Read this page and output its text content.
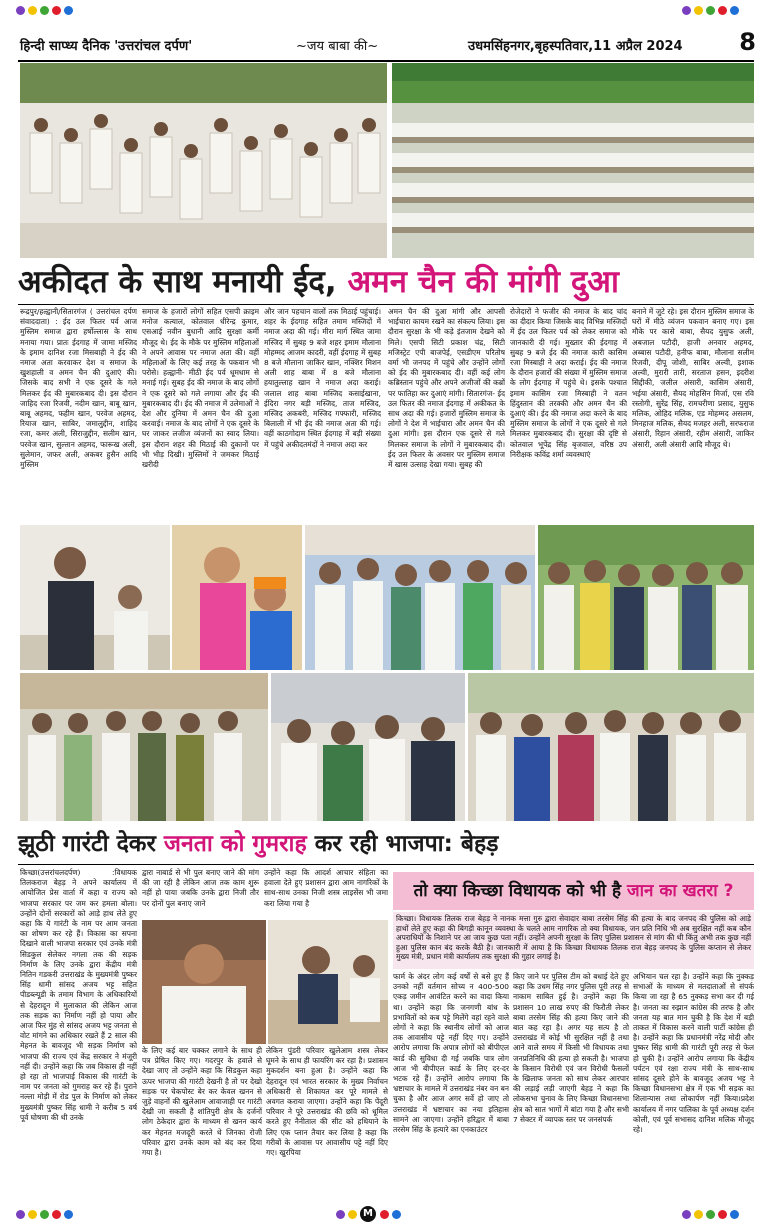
हिन्दी साप्ध्य दैनिक 'उत्तरांचल दर्पण'	~जय बाबा की~	उधमसिंहनगर,बृहस्पतिवार,11 अप्रैल 2024 8
अकीदत के साथ मनायी ईद, अमन चैन की मांगी दुआ
रूद्रपुर/हल्द्वानी/सितारगंज ( उत्तरांचल दर्पण संवाददाता) : ईद उल फितर पर्व आज मुस्लिम समाज द्वारा हर्षोल्लास के साथ मनाया गया। प्रातः ईदगाह में जामा मस्जिद के इमाम दानिश रजा मिसबाही ने ईद की नमाज अता करवाकर देश व समाज के खुशहाली व अमन चैन की दुआएं की। जिसके बाद सभी ने एक दूसरे के गले मिलकर ईद की मुबारकबाद दी। इस दौरान जाहिद रजा रिजवी, नदीम खान, बाबू खान, बाबू अहमद, फहीम खान, परवेज अहमद, रियाज खान, साबिर, जमालुद्दीन, शाहिद रजा, कमर अली, सिराजुद्दीन, सलीम खान, परवेज खान, सुल्तान अहमद, फारूख अली, सुलेमान, जफर अली, अकबर हुसैन आदि मुस्लिम
समाज के हजारों लोगों सहित एसपी क्राइम मनोज कत्याल, कोतवाल धीरेन्द्र कुमार, एसआई नवीन बुधानी आदि सुरक्षा कर्मी मौजूद थे। ईद के मौके पर मुस्लिम महिलाओं ने अपने आवास पर नमाज अता की। वहीं महिलाओं के लिए कई तरह के पकवान भी परोसे। हल्द्वानी- मीठी ईद पर्व धूमधाम से मनाई गई। सुबह ईद की नमाज के बाद लोगों ने एक दूसरे को गले लगाया और ईद की मुबारकबाद दी। ईद की नमाज में उलेमाओं ने देश और दुनिया में अमन चैन की दुआ करवाई। नमाज के बाद लोगों ने एक दूसरे के घर जाकर लजीज व्यंजनों का स्वाद लिया। इस दौरान शहर की मिठाई की दुकानों पर भी भीड़ दिखी। मुस्लिमों ने जमकर मिठाई खरीदी
और जान पहचान वालों तक मिठाई पहुंचाई। शहर के ईदगाह सहित तमाम मस्जिदों में नमाज अदा की गई। मीरा मार्ग स्थित जामा मस्जिद में सुबह 9 बजे शहर इमाम मौलाना मोहम्मद आजम कादरी, वहीं ईदगाह में सुबह 8 बजे मौलाना जाकिर खान, नक्शिर मिशन अली शाह बाबा में 8 बजे मौलाना हयातुल्लाह खान ने नमाज अदा कराई। जलाल शाह बाबा मस्जिद कसाईखाना, ईदिरा नगर बड़ी मस्जिद, ताज मस्जिद, मस्जिद अकबरी, मस्जिद गफ्फारी, मस्जिद बिलाली में भी ईद की नमाज अता की गई। वहीं काठगोदाम स्थित ईदगाह में बड़ी संख्या में पहुंचे अकीदतमंदों ने नमाज अदा कर
अमन चैन की दुआ मांगी और आपसी भाईचारा कायम रखने का संकल्प लिया। इस दौरान सुरक्षा के भी कड़े इंतजाम देखने को मिले। एसपी सिटी प्रकाश चंद्र, सिटी मजिस्ट्रेट एपी बाजपेई, एसडीएम परितोष वर्मा भी जनपद में पहुंचे और उन्होंने लोगों को ईद की मुबारकबाद दी। वहीं कई लोग कब्रिस्तान पहुंचे और अपने अजीजों की कब्रों पर फातिहा कर दुआएं मांगी। सितारगंज- ईद उल फितर की नमाज ईदगाह में अकीकत के साथ अदा की गई। हजारों मुस्लिम समाज के लोगों ने देश में भाईचारा और अमन चैन की दुआ मांगी। इस दौरान एक दूसरे से गले मिलकर समाज के लोगों ने मुबारकबाद दी। ईद उल फितर के अवसर पर मुस्लिम समाज में खास उत्साह देखा गया। सुबह की
रोजेदारों ने फजीर की नमाज के बाद चांद का दीदार किया जिसके बाद विभिन्न मस्जिदों में ईद उल फितर पर्व को लेकर समाज को जानकारी दी गई। मुख्तार की ईदगाह में सुबह 9 बजे ईद की नमाज कारी कासिम रजा मिस्बाही ने अदा कराई। ईद की नमाज के दौरान हजारों की संख्या में मुस्लिम समाज के लोग ईदगाह में पहुंचे थे। इसके पश्चात इमाम कासिम रजा मिस्बाही ने वतन हिंदुस्तान की तरक्की और अमन चैन की दुआएं की। ईद की नमाज अदा करने के बाद मुस्लिम समाज के लोगों ने एक दूसरे से गले मिलकर मुबारकबाद दी। सुरक्षा की दृष्टि से कोतवाल भूपेंद्र सिंह बृजवाल, वरिष्ठ उप निरीक्षक कविंद्र शर्मा व्यवस्थाएं
बनाने में जुटे रहे। इस दौरान मुस्लिम समाज के घरों में मीठे व्यंजन पकवान बनाए गए। इस मौके पर कासे बाबा, सैयद युसुफ अली, अबजाल पटौदी, हाजी अनवार अहमद, अब्बास पटौदी, हनीफ बाबा, मौलाना सलीम रिजवी, दीपू जोशी, साबिर अल्वी, इशाक अल्वी, मुरारी तारी, सरताज हसन, इदरीश सिद्दीकी, जलील अंसारी, कासिम अंसारी, भईया अंसारी, सैयद मोहसिन मिर्जा, एस रवि रस्तोगी, सुरेंद्र सिंह, रामचरीणा प्रसाद, युसुफ मलिक, ओहिद मलिक, एड मोहम्मद असलम, मिनहाज मलिक, सैयद मजहर अली, सरफराज अंसारी, रिहान अंसारी, रहीम अंसारी, जाकिर अंसारी, अली अंसारी आदि मौजूद थे।
झूठी गारंटी देकर जनता को गुमराह कर रही भाजपा: बेहड़
किच्छा(उत्तरांचलदर्पण) :विधायक तिलकराज बेहड़ ने अपने कार्यालय में आयोजित प्रेस वार्ता में कहा व राज्य को भाजपा सरकार पर जम कर हमला बोला। उन्होंने दोनों सरकारों को आड़े हाथ लेते हुए कहा कि ये गारंटी के नाम पर आम जनता का शोषण कर रहे हैं। विकास का सपना दिखाने वाली भाजपा सरकार एवं उनके मंत्री सिडकुल सेलेकर नगला तक की सड़क निर्माण के लिए उनके द्वारा केंद्रीय मंत्री नितिन गडकरी उत्तराखंड के मुख्यमंत्री पुष्कर सिंह धामी सांसद अजय भट्ट सहित पीडब्ल्यूडी के तमाम विभाग के अधिकारियों से देहरादून में मुलाकात की लेकिन आज तक सड़क का निर्माण नहीं हो पाया और आज फिर मुंह से सांसद अजय भट्ट जनता से वोट मांगने का अधिकार रखते हैं 2 साल की मेहनत के बावजूद भी सड़क निर्माण को भाजपा की राज्य एवं केंद्र सरकार ने मंजूरी नहीं दी। उन्होंने कहा कि जब विकास ही नहीं हो रहा तो भाजपाई विकास की गारंटी के नाम पर जनता को गुमराह कर रहे हैं। पुराने नल्ला मोड़ी में रोड पुल के निर्माण को लेकर मुख्यमंत्री पुष्कर सिंह धामी ने करीब 5 वर्ष पूर्व घोषणा की थी उनके
द्वारा नाबार्ड से भी पुल बनाए जाने की मांग की जा रही है लेकिन आज तक काम शुरू नहीं हो पाया जबकि उनके द्वारा निजी तौर पर दोनों पुल बनाए जाने
उन्होंने कहा कि आदर्श आचार संहिता का हवाला देते हुए प्रशासन द्वारा आम नागरिकों के साथ-साथ उनका निजी शस्त्र लाइसेंस भी जमा करा लिया गया है
के लिए कई बार चक्कर लगाने के साथ ही पत्र प्रेषित किए गए। गदरपुर के हवाले से देखा जाए तो उन्होंने कहा कि सिडकुल कहा ऊपर भाजपा की गारंटी देखनी है तो पर देखो सड़क पर चेकपोस्ट बेर कर केवल खनन से जुड़े वाहनों की खुलेआम आवाजाही पर गारंटी देखी जा सकती है शांतिपुरी क्षेत्र के दर्जनों लोग ठेकेदार द्वारा के माध्यम से खनन कार्य कर मेहनत मजदूरी करते थे जिनका रोजी परिवार द्वारा उनके काम को बंद कर दिया गया है।
लेकिन पुंडरी परिवार खुलेआम शस्त्र लेकर घूमने के साथ ही फायरिंग कर रहा है। प्रशासन मुकदर्शन बना हुआ है। उन्होंने कहा कि देहरादून एवं भारत सरकार के मुख्य निर्वाचन अधिकारी से शिकायत कर पूरे मामले से अवगत कराया जाएगा। उन्होंने कहा कि पेंदूरी परिवार ने पूरे उत्तराखंड की छवि को धूमिल करते हुए नैनीताल की सीट को हथियाने के लिए एक प्लान तैयार कर लिया है कहा कि गरीबों के आवास पर आवासीय पट्टे नहीं दिए गए। खुरपिया
तो क्या किच्छा विधायक को भी है जान का खतरा ?
किच्छा। विधायक तिलक राज बेहड़ ने नानक मत्ता गुरु द्वारा सेवादार बाबा तरसेम सिंह की हत्या के बाद जनपद की पुलिस को आड़े हाथों लेते हुए कहा की बिगड़ी कानून व्यवस्था के चलते आम नागरिक तो क्या विधायक, जन प्रति निधि भी अब सुरक्षित नहीं कब कौन अपराधियों के निशाने पर आ जाय कुछ पता नहीं। उन्होंने अपनी सुरक्षा के लिए पुलिस प्रशासन से मांग की थी किंतु अभी तक कुछ नहीं हुआ पुलिस कान बंद करके बैठी है। जानकारी में आया है कि किच्छा विधायक तिलक राज बेहड़ जनपद के पुलिस कप्तान से लेकर मुख्य मंत्री, प्रधान मंत्री कार्यालय तक सुरक्षा की गुहार लगाई है।
फार्म के अंदर लोग कई वर्षों से बसे हुए हैं उनको नहीं वर्तमान सोच्य न 400-500 एकड़ जमीन आवंटित करने का वादा किया था। उन्होंने कहा कि जनगणी बांध के प्रभावितों को कब पट्टे मिलेंगे वहां रहने वाले लोगों ने कहा कि स्थानीय लोगों को आज तक आवासीय पट्टे नहीं दिए गए। उन्होंने आरोप लगाया कि अपात्र लोगों को बीपीएल कार्ड की सुविधा दी गई जबकि पात्र लोग आज भी बीपीएल कार्ड के लिए दर-दर भटक रहे हैं। उन्होंने आरोप लगाया कि भ्रष्टाचार के मामले में उत्तराखंड नंबर वन बन चुका है और आज अगर सर्वे हो जाए तो उत्तराखंड में भ्रष्टाचार का नया इतिहास सामने आ जाएगा। उन्होंने हरिद्वार में बाबा तरसेम सिंह के हत्यारे का एनकाउंटर
किए जाने पर पुलिस टीम को बधाई देते हुए कहा कि उधम सिंह नगर पुलिस पूरी तरह से नाकाम साबित हुई है। उन्होंने कहा कि प्रशासन 10 लाख रुपए की फिरौती लेकर बाबा तरसेम सिंह की हत्या किए जाने की बात कह रहा है। अगर यह सत्य है तो उत्तराखंड में कोई भी सुरक्षित नहीं है तथा आने वाले समय में किसी भी विधायक तथा जनप्रतिनिधि की हत्या हो सकती है। भाजपा के किसान विरोधी एवं जन विरोधी फैसलों के खिलाफ जनता को साथ लेकर आरपार की लड़ाई लड़ी जाएगी बेहड़ ने कहा कि लोकसभा चुनाव के लिए किच्छा विधानसभा क्षेत्र को सात भागों में बांटा गया है और सभी 7 सेक्टर में व्यापक स्तर पर जनसंपर्क
अभियान चल रहा है। उन्होंने कहा कि नुक्कड़ सभाओं के माध्यम से मतदाताओं से संपर्क किया जा रहा है 65 नुक्कड़ सभा कर दी गई है। जनता का रुझान कांग्रेस की तरफ है और जनता यह बात मान चुकी है कि देश में बड़ी ताकत में विकास करने वाली पार्टी कांग्रेस ही है। उन्होंने कहा कि प्रधानमंत्री नरेंद्र मोदी और पुष्कर सिंह धामी की गारंटी पूरी तरह से फेल हो चुकी है। उन्होंने आरोप लगाया कि केंद्रीय पर्यटन एवं रक्षा राज्य मंत्री के साथ-साथ सांसद दूसरे होने के बावजूद अजय भट्ट ने किच्छा विधानसभा क्षेत्र में एक भी सड़क का शिलान्यास तथा लोकार्पण नहीं किया।प्रदेश कार्यालय में नगर पालिका के पूर्व अध्यक्ष दर्शन कोली, एवं पूर्व सभासद दानिश मलिक मौजूद रहे।
M
